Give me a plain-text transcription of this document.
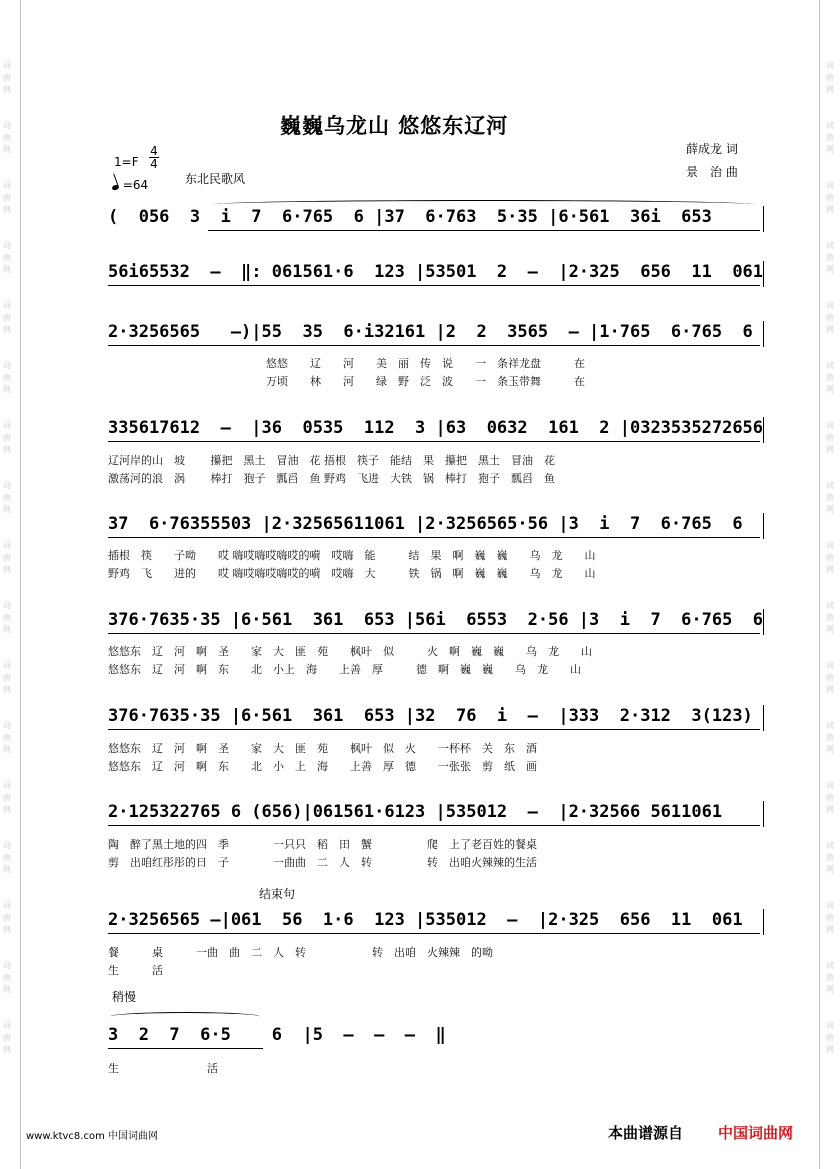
词曲网
词曲网
词曲网
词曲网
词曲网
词曲网
词曲网
词曲网
词曲网
词曲网
词曲网
词曲网
词曲网
词曲网
词曲网
词曲网
词曲网
词曲网
词曲网
词曲网
词曲网
词曲网
词曲网
词曲网
词曲网
词曲网
词曲网
词曲网
词曲网
词曲网
词曲网
词曲网
词曲网
词曲网
巍巍乌龙山 悠悠东辽河
薛成龙 词
景　治 曲
1=F
4
4
=64	东北民歌风
(  056  3  i  7  6·765  6 |37  6·763  5·35 |6·561  36i  653
56i65532  –  ‖: 061561·6  123 |53501  2  –  |2·325  656  11  061
2·3256565   –)|55  35  6·i32161 |2  2  3565  – |1·765  6·765  6
悠悠　　辽　　河　　美　丽　传　说　　一　条祥龙盘　　　在
万顷　　林　　河　　绿　野　泛　波　　一　条玉带舞　　　在
335617612  –  |36  0535  112  3 |63  0632  161  2 |0323535272656
辽河岸的山　坡　　 攥把　黑土　冒油　花 捂根　筷子　能结　果　攥把　黑土　冒油　花
激荡河的浪　涡　　 棒打　狍子　瓢舀　鱼 野鸡　飞进　大铁　锅　棒打　狍子　瓢舀　鱼
37  6·76355503 |2·32565611061 |2·3256565·56 |3  i  7  6·765  6
插根　筷　　子呦　　哎 嗨哎嗨哎嗨哎的嗬　哎嗨　能　　　结　果　啊　巍　巍　　乌　龙　　山
野鸡　飞　　进的　　哎 嗨哎嗨哎嗨哎的嗬　哎嗨　大　　　铁　锅　啊　巍　巍　　乌　龙　　山
376·7635·35 |6·561  361  653 |56i  6553  2·56 |3  i  7  6·765  6
悠悠东　辽　河　啊　圣　　家　大　匪　苑　　枫叶　似　　　火　啊　巍　巍　　乌　龙　　山
悠悠东　辽　河　啊　东　　北　小上　海　　上善　厚　　　德　啊　巍　巍　　乌　龙　　山
376·7635·35 |6·561  361  653 |32  76  i  –  |333  2·312  3(123)
悠悠东　辽　河　啊　圣　　家　大　匪　苑　　枫叶　似　火　　一杯杯　关　东　酒
悠悠东　辽　河　啊　东　　北　小　上　海　　上善　厚　德　　一张张　剪　纸　画
2·125322765 6 (656)|061561·6123 |535012  –  |2·32566 5611061
陶　醉了黑土地的四　季　　　　一只只　稻　田　蟹　　　　　爬　上了老百姓的餐桌
剪　出咱红彤彤的日　子　　　　一曲曲　二　人　转　　　　　转　出咱火辣辣的生活
结束句
2·3256565 –|061  56  1·6  123 |535012  –  |2·325  656  11  061
餐　　　桌　　　一曲　曲　二　人　转　　　　　　转　出咱　火辣辣　的呦
生　　　活
稍慢
3  2  7  6·5    6  |5  –  –  –  ‖
生　　　　　　　　活
www.ktvc8.com 中国词曲网	本曲谱源自 中国词曲网
